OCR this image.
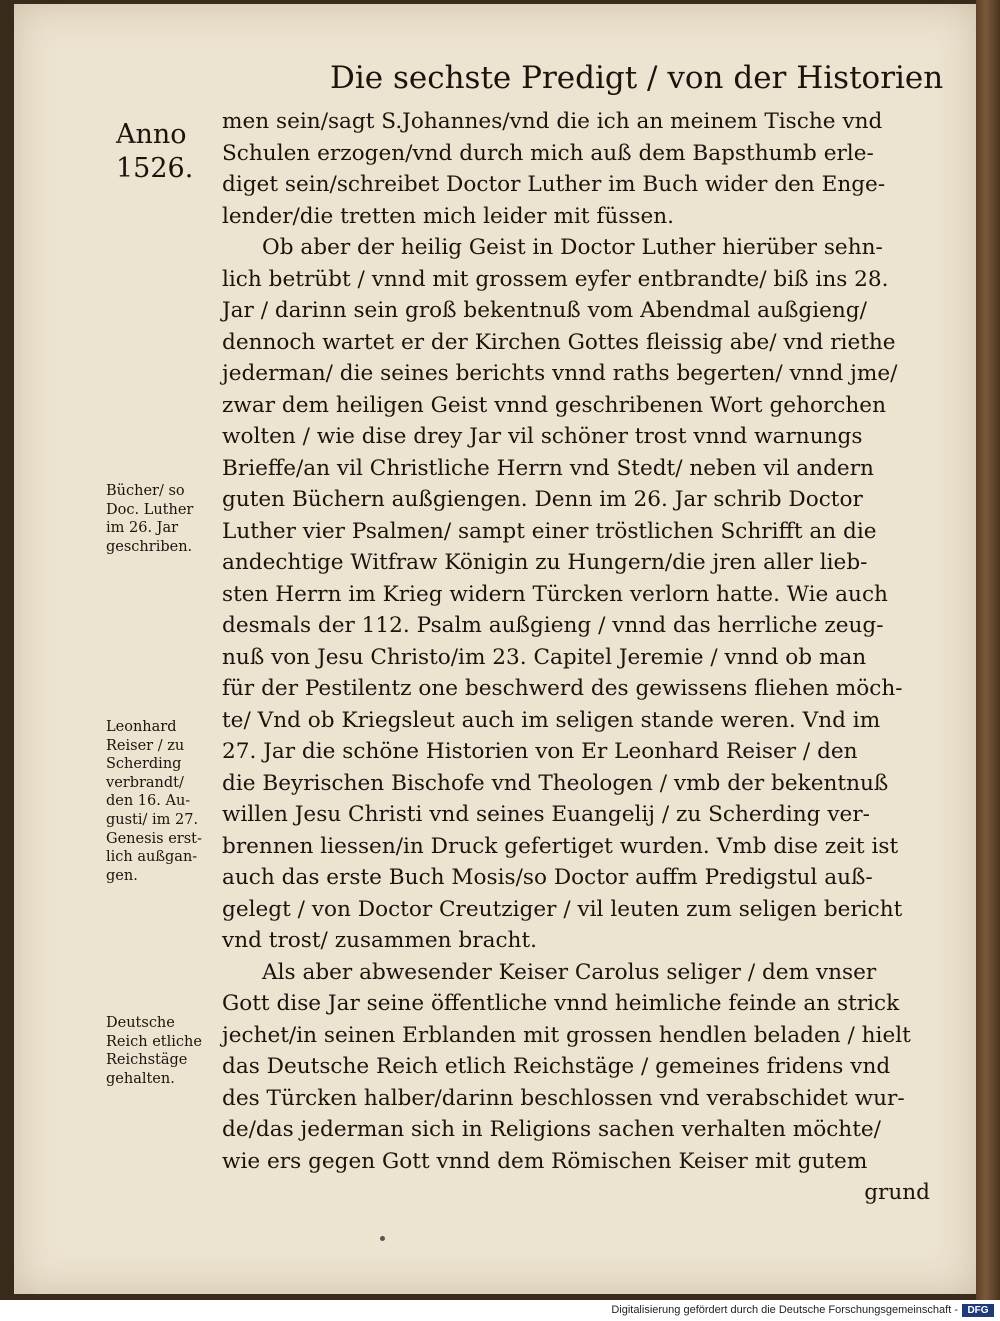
Die sechste Predigt / von der Historien
Anno
1526.
men sein/sagt S.Johannes/vnd die ich an meinem Tische vnd
Schulen erzogen/vnd durch mich auß dem Bapsthumb erle-
diget sein/schreibet Doctor Luther im Buch wider den Enge-
lender/die tretten mich leider mit füssen.
Ob aber der heilig Geist in Doctor Luther hierüber sehn-
lich betrübt / vnnd mit grossem eyfer entbrandte/ biß ins 28.
Jar / darinn sein groß bekentnuß vom Abendmal außgieng/
dennoch wartet er der Kirchen Gottes fleissig abe/ vnd riethe
jederman/ die seines berichts vnnd raths begerten/ vnnd jme/
zwar dem heiligen Geist vnnd geschribenen Wort gehorchen
wolten / wie dise drey Jar vil schöner trost vnnd warnungs
Brieffe/an vil Christliche Herrn vnd Stedt/ neben vil andern
guten Büchern außgiengen. Denn im 26. Jar schrib Doctor
Luther vier Psalmen/ sampt einer tröstlichen Schrifft an die
andechtige Witfraw Königin zu Hungern/die jren aller lieb-
sten Herrn im Krieg widern Türcken verlorn hatte. Wie auch
desmals der 112. Psalm außgieng / vnnd das herrliche zeug-
nuß von Jesu Christo/im 23. Capitel Jeremie / vnnd ob man
für der Pestilentz one beschwerd des gewissens fliehen möch-
te/ Vnd ob Kriegsleut auch im seligen stande weren. Vnd im
27. Jar die schöne Historien von Er Leonhard Reiser / den
die Beyrischen Bischofe vnd Theologen / vmb der bekentnuß
willen Jesu Christi vnd seines Euangelij / zu Scherding ver-
brennen liessen/in Druck gefertiget wurden. Vmb dise zeit ist
auch das erste Buch Mosis/so Doctor auffm Predigstul auß-
gelegt / von Doctor Creutziger / vil leuten zum seligen bericht
vnd trost/ zusammen bracht.
Als aber abwesender Keiser Carolus seliger / dem vnser
Gott dise Jar seine öffentliche vnnd heimliche feinde an strick
jechet/in seinen Erblanden mit grossen hendlen beladen / hielt
das Deutsche Reich etlich Reichstäge / gemeines fridens vnd
des Türcken halber/darinn beschlossen vnd verabschidet wur-
de/das jederman sich in Religions sachen verhalten möchte/
wie ers gegen Gott vnnd dem Römischen Keiser mit gutem
grund
Bücher/ so
Doc. Luther
im 26. Jar
geschriben.
Leonhard
Reiser / zu
Scherding
verbrandt/
den 16. Au-
gusti/ im 27.
Genesis erst-
lich außgan-
gen.
Deutsche
Reich etliche
Reichstäge
gehalten.
Digitalisierung gefördert durch die Deutsche Forschungsgemeinschaft - DFG
